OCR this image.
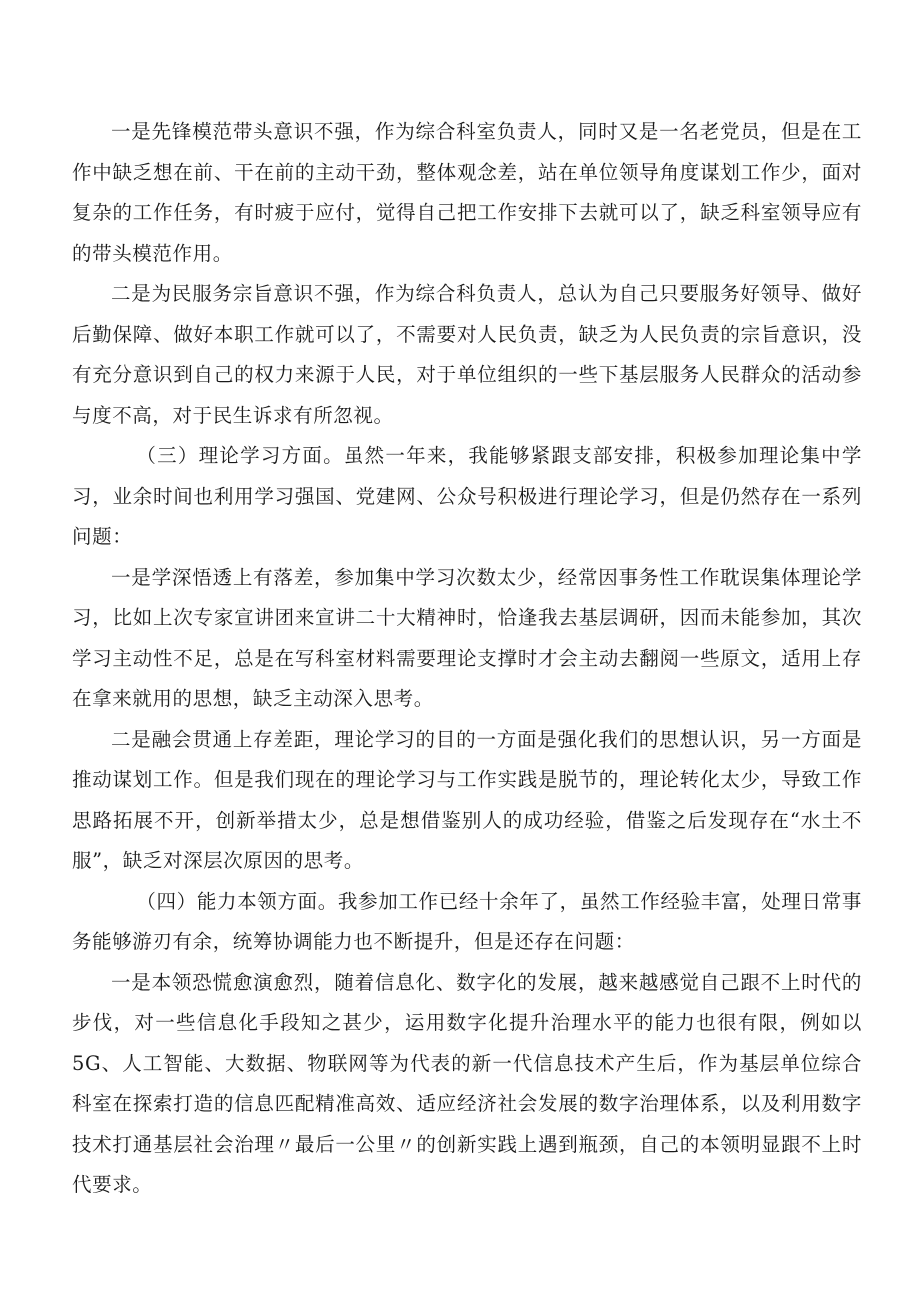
一是先锋模范带头意识不强，作为综合科室负责人，同时又是一名老党员，但是在工作中缺乏想在前、干在前的主动干劲，整体观念差，站在单位领导角度谋划工作少，面对复杂的工作任务，有时疲于应付，觉得自己把工作安排下去就可以了，缺乏科室领导应有的带头模范作用。

二是为民服务宗旨意识不强，作为综合科负责人，总认为自己只要服务好领导、做好后勤保障、做好本职工作就可以了，不需要对人民负责，缺乏为人民负责的宗旨意识，没有充分意识到自己的权力来源于人民，对于单位组织的一些下基层服务人民群众的活动参与度不高，对于民生诉求有所忽视。

（三）理论学习方面。虽然一年来，我能够紧跟支部安排，积极参加理论集中学习，业余时间也利用学习强国、党建网、公众号积极进行理论学习，但是仍然存在一系列问题：

一是学深悟透上有落差，参加集中学习次数太少，经常因事务性工作耽误集体理论学习，比如上次专家宣讲团来宣讲二十大精神时，恰逢我去基层调研，因而未能参加，其次学习主动性不足，总是在写科室材料需要理论支撑时才会主动去翻阅一些原文，适用上存在拿来就用的思想，缺乏主动深入思考。

二是融会贯通上存差距，理论学习的目的一方面是强化我们的思想认识，另一方面是推动谋划工作。但是我们现在的理论学习与工作实践是脱节的，理论转化太少，导致工作思路拓展不开，创新举措太少，总是想借鉴别人的成功经验，借鉴之后发现存在“水土不服”，缺乏对深层次原因的思考。

（四）能力本领方面。我参加工作已经十余年了，虽然工作经验丰富，处理日常事务能够游刃有余，统筹协调能力也不断提升，但是还存在问题：

一是本领恐慌愈演愈烈，随着信息化、数字化的发展，越来越感觉自己跟不上时代的步伐，对一些信息化手段知之甚少，运用数字化提升治理水平的能力也很有限，例如以5G、人工智能、大数据、物联网等为代表的新一代信息技术产生后，作为基层单位综合科室在探索打造的信息匹配精准高效、适应经济社会发展的数字治理体系，以及利用数字技术打通基层社会治理〃最后一公里〃的创新实践上遇到瓶颈，自己的本领明显跟不上时代要求。
